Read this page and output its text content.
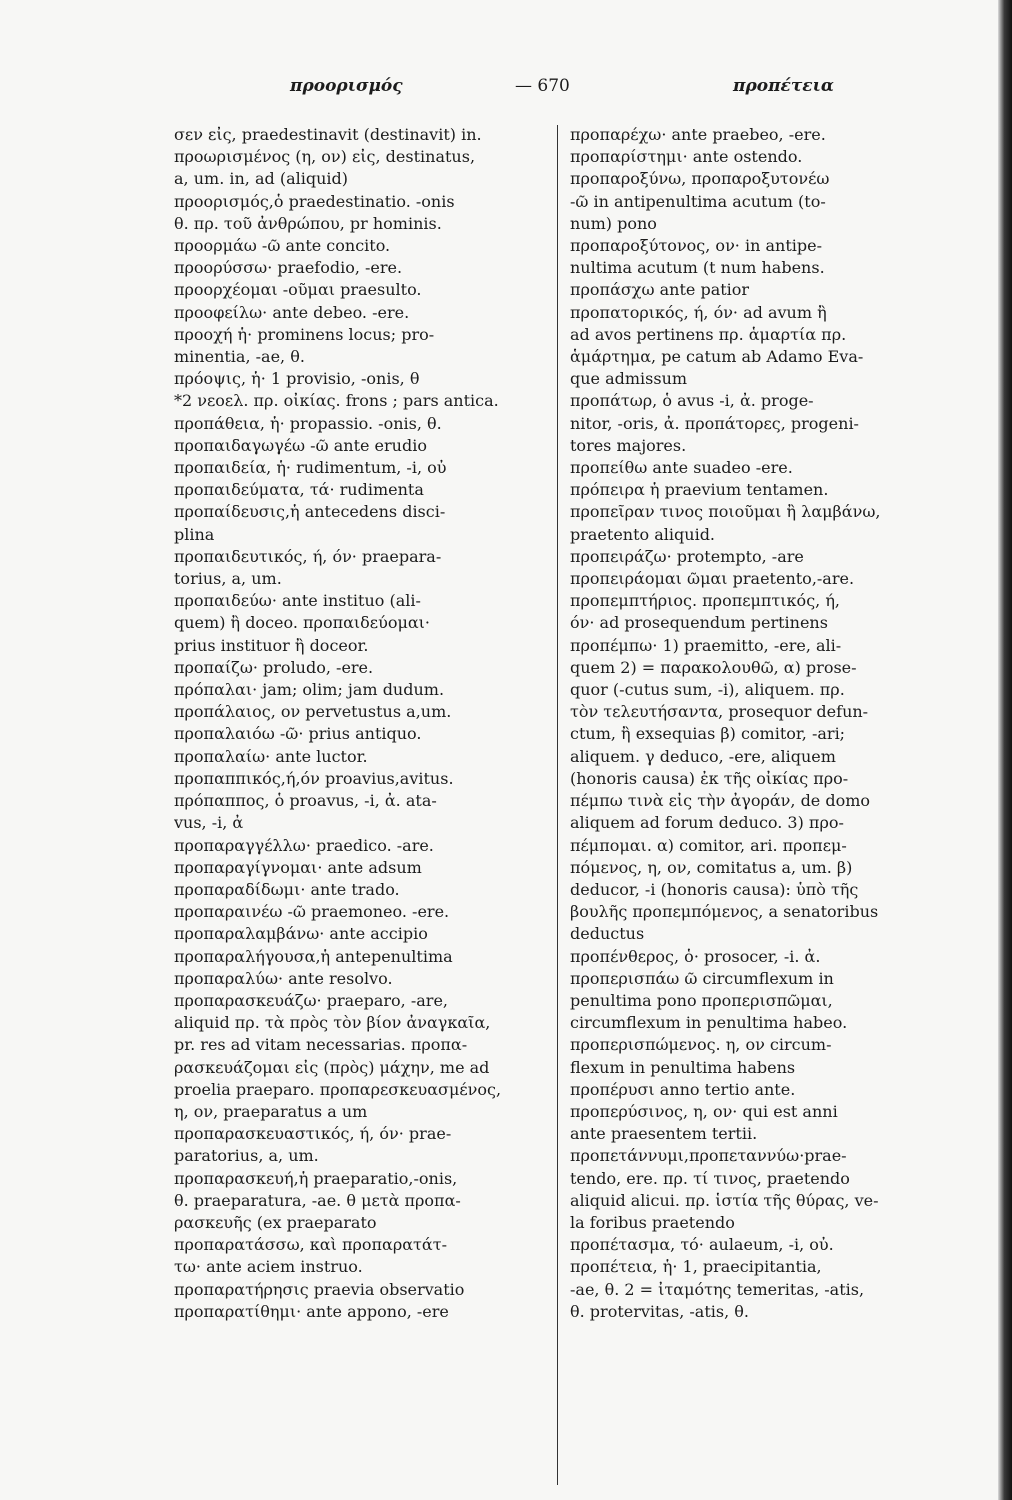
προορισμός	— 670	προπέτεια
σεν εἰς, praedestinavit (destinavit) in.
προωρισμένος (η, ον) εἰς, destinatus,
a, um. in, ad (aliquid)
προορισμός,ὁ praedestinatio. -onis
θ. πρ. τοῦ ἀνθρώπου, pr hominis.
προορμάω -ῶ ante concito.
προορύσσω· praefodio, -ere.
προορχέομαι -οῦμαι praesulto.
προοφείλω· ante debeo. -ere.
προοχή ἡ· prominens locus; pro-
minentia, -ae, θ.
πρόοψις, ἡ· 1 provisio, -onis, θ
*2 νεοελ. πρ. οἰκίας. frons ; pars antica.
προπάθεια, ἡ· propassio. -onis, θ.
προπαιδαγωγέω -ῶ ante erudio
προπαιδεία, ἡ· rudimentum, -i, οὐ
προπαιδεύματα, τά· rudimenta
προπαίδευσις,ἡ antecedens disci-
plina
προπαιδευτικός, ή, όν· praepara-
torius, a, um.
προπαιδεύω· ante instituo (ali-
quem) ἢ doceo. προπαιδεύομαι·
prius instituor ἢ doceor.
προπαίζω· proludo, -ere.
πρόπαλαι· jam; olim; jam dudum.
προπάλαιος, ον pervetustus a,um.
προπαλαιόω -ῶ· prius antiquo.
προπαλαίω· ante luctor.
προπαππικός,ή,όν proavius,avitus.
πρόπαππος, ὁ proavus, -i, ἀ. ata-
vus, -i, ἀ
προπαραγγέλλω· praedico. -are.
προπαραγίγνομαι· ante adsum
προπαραδίδωμι· ante trado.
προπαραινέω -ῶ praemoneo. -ere.
προπαραλαμβάνω· ante accipio
προπαραλήγουσα,ἡ antepenultima
προπαραλύω· ante resolvo.
προπαρασκευάζω· praeparo, -are,
aliquid πρ. τὰ πρὸς τὸν βίον ἀναγκαῖα,
pr. res ad vitam necessarias. προπα-
ρασκευάζομαι εἰς (πρὸς) μάχην, me ad
proelia praeparo. προπαρεσκευασμένος,
η, ον, praeparatus a um
προπαρασκευαστικός, ή, όν· prae-
paratorius, a, um.
προπαρασκευή,ἡ praeparatio,-onis,
θ. praeparatura, -ae. θ μετὰ προπα-
ρασκευῆς (ex praeparato
προπαρατάσσω, καὶ προπαρατάτ-
τω· ante aciem instruo.
προπαρατήρησις praevia observatio
προπαρατίθημι· ante appono, -ere
προπαρέχω· ante praebeo, -ere.
προπαρίστημι· ante ostendo.
προπαροξύνω, προπαροξυτονέω
-ῶ in antipenultima acutum (to-
num) pono
προπαροξύτονος, ον· in antipe-
nultima acutum (t num habens.
προπάσχω ante patior
προπατορικός, ή, όν· ad avum ἢ
ad avos pertinens πρ. ἁμαρτία πρ.
ἁμάρτημα, pe catum ab Adamo Eva-
que admissum
προπάτωρ, ὁ avus -i, ἀ. proge-
nitor, -oris, ἀ. προπάτορες, progeni-
tores majores.
προπείθω ante suadeo -ere.
πρόπειρα ἡ praevium tentamen.
προπεῖραν τινος ποιοῦμαι ἢ λαμβάνω,
praetento aliquid.
προπειράζω· protempto, -are
προπειράομαι ῶμαι praetento,-are.
προπεμπτήριος. προπεμπτικός, ή,
όν· ad prosequendum pertinens
προπέμπω· 1) praemitto, -ere, ali-
quem 2) = παρακολουθῶ, α) prose-
quor (-cutus sum, -i), aliquem. πρ.
τὸν τελευτήσαντα, prosequor defun-
ctum, ἢ exsequias β) comitor, -ari;
aliquem. γ deduco, -ere, aliquem
(honoris causa) ἐκ τῆς οἰκίας προ-
πέμπω τινὰ εἰς τὴν ἀγοράν, de domo
aliquem ad forum deduco. 3) προ-
πέμπομαι. α) comitor, ari. προπεμ-
πόμενος, η, ον, comitatus a, um. β)
deducor, -i (honoris causa): ὑπὸ τῆς
βουλῆς προπεμπόμενος, a senatoribus
deductus
προπένθερος, ὁ· prosocer, -i. ἀ.
προπερισπάω ῶ circumflexum in
penultima pono προπερισπῶμαι,
circumflexum in penultima habeo.
προπερισπώμενος. η, ον circum-
flexum in penultima habens
προπέρυσι anno tertio ante.
προπερύσινος, η, ον· qui est anni
ante praesentem tertii.
προπετάννυμι,προπεταννύω·prae-
tendo, ere. πρ. τί τινος, praetendo
aliquid alicui. πρ. ἱστία τῆς θύρας, ve-
la foribus praetendo
προπέτασμα, τό· aulaeum, -i, οὐ.
προπέτεια, ἡ· 1, praecipitantia,
-ae, θ. 2 = ἰταμότης temeritas, -atis,
θ. protervitas, -atis, θ.
